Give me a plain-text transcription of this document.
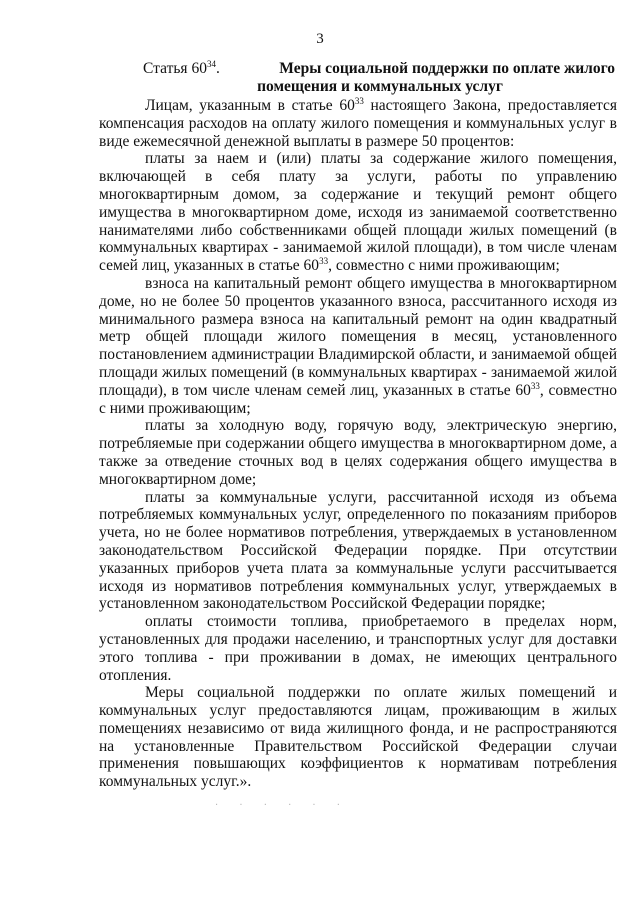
3
Статья $60^{34}$.	Меры социальной поддержки по оплате жилого
помещения и коммунальных услуг

Лицам, указанным в статье $60^{33}$ настоящего Закона, предоставляется компенсация расходов на оплату жилого помещения и коммунальных услуг в виде ежемесячной денежной выплаты в размере 50 процентов:

платы за наем и (или) платы за содержание жилого помещения, включающей в себя плату за услуги, работы по управлению многоквартирным домом, за содержание и текущий ремонт общего имущества в многоквартирном доме, исходя из занимаемой соответственно нанимателями либо собственниками общей площади жилых помещений (в коммунальных квартирах - занимаемой жилой площади), в том числе членам семей лиц, указанных в статье $60^{33}$, совместно с ними проживающим;

взноса на капитальный ремонт общего имущества в многоквартирном доме, но не более 50 процентов указанного взноса, рассчитанного исходя из минимального размера взноса на капитальный ремонт на один квадратный метр общей площади жилого помещения в месяц, установленного постановлением администрации Владимирской области, и занимаемой общей площади жилых помещений (в коммунальных квартирах - занимаемой жилой площади), в том числе членам семей лиц, указанных в статье $60^{33}$, совместно с ними проживающим;

платы за холодную воду, горячую воду, электрическую энергию, потребляемые при содержании общего имущества в многоквартирном доме, а также за отведение сточных вод в целях содержания общего имущества в многоквартирном доме;

платы за коммунальные услуги, рассчитанной исходя из объема потребляемых коммунальных услуг, определенного по показаниям приборов учета, но не более нормативов потребления, утверждаемых в установленном законодательством Российской Федерации порядке. При отсутствии указанных приборов учета плата за коммунальные услуги рассчитывается исходя из нормативов потребления коммунальных услуг, утверждаемых в установленном законодательством Российской Федерации порядке;

оплаты стоимости топлива, приобретаемого в пределах норм, установленных для продажи населению, и транспортных услуг для доставки этого топлива - при проживании в домах, не имеющих центрального отопления.

Меры социальной поддержки по оплате жилых помещений и коммунальных услуг предоставляются лицам, проживающим в жилых помещениях независимо от вида жилищного фонда, и не распространяются на установленные Правительством Российской Федерации случаи применения повышающих коэффициентов к нормативам потребления коммунальных услуг.».

· · · · · ·
